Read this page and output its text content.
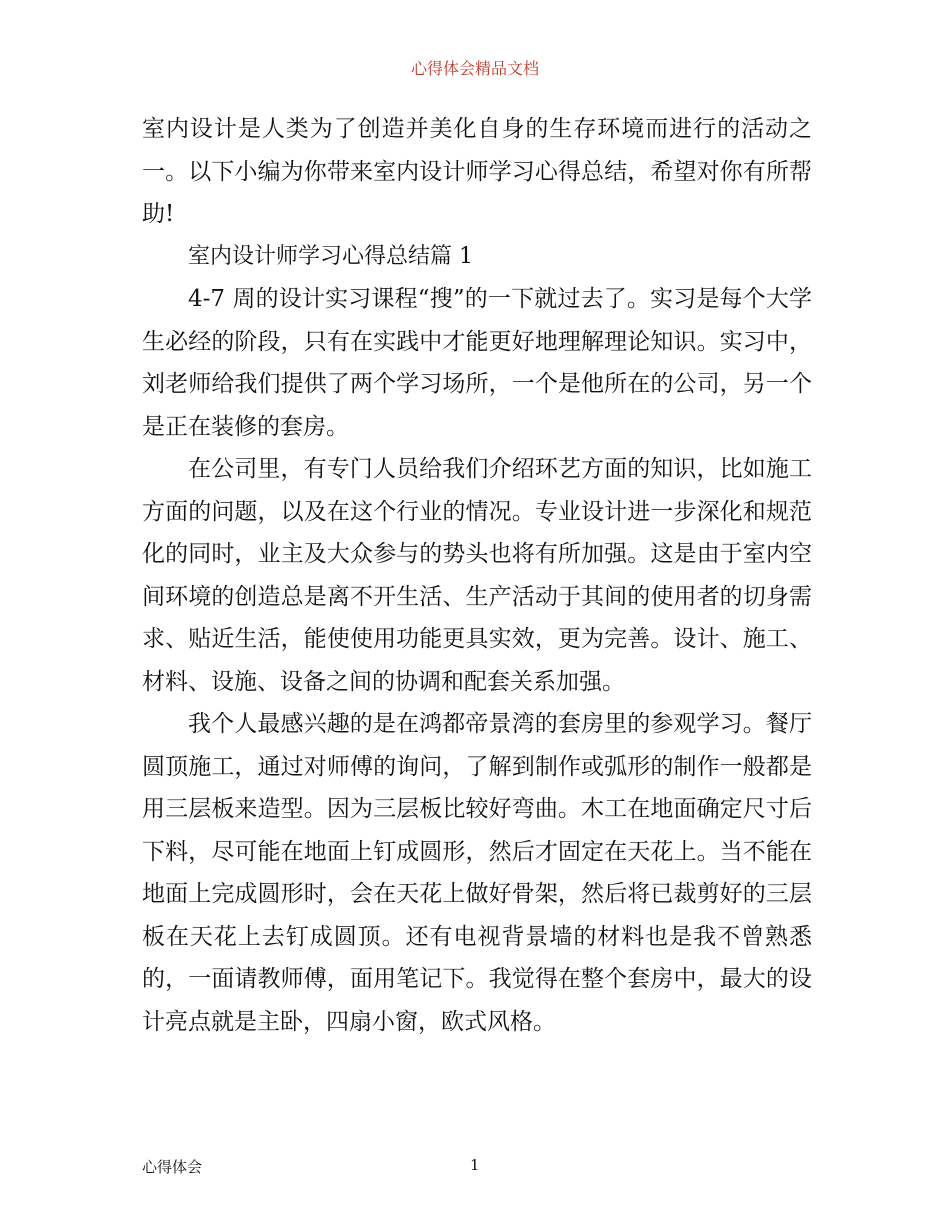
心得体会精品文档

室内设计是人类为了创造并美化自身的生存环境而进行的活动之一。以下小编为你带来室内设计师学习心得总结，希望对你有所帮助!

室内设计师学习心得总结篇 1

4-7 周的设计实习课程“搜”的一下就过去了。实习是每个大学生必经的阶段，只有在实践中才能更好地理解理论知识。实习中，刘老师给我们提供了两个学习场所，一个是他所在的公司，另一个是正在装修的套房。

在公司里，有专门人员给我们介绍环艺方面的知识，比如施工方面的问题，以及在这个行业的情况。专业设计进一步深化和规范化的同时，业主及大众参与的势头也将有所加强。这是由于室内空间环境的创造总是离不开生活、生产活动于其间的使用者的切身需求、贴近生活，能使使用功能更具实效，更为完善。设计、施工、材料、设施、设备之间的协调和配套关系加强。

我个人最感兴趣的是在鸿都帝景湾的套房里的参观学习。餐厅圆顶施工，通过对师傅的询问，了解到制作或弧形的制作一般都是用三层板来造型。因为三层板比较好弯曲。木工在地面确定尺寸后下料，尽可能在地面上钉成圆形，然后才固定在天花上。当不能在地面上完成圆形时，会在天花上做好骨架，然后将已裁剪好的三层板在天花上去钉成圆顶。还有电视背景墙的材料也是我不曾熟悉的，一面请教师傅，面用笔记下。我觉得在整个套房中，最大的设计亮点就是主卧，四扇小窗，欧式风格。

心得体会	1
